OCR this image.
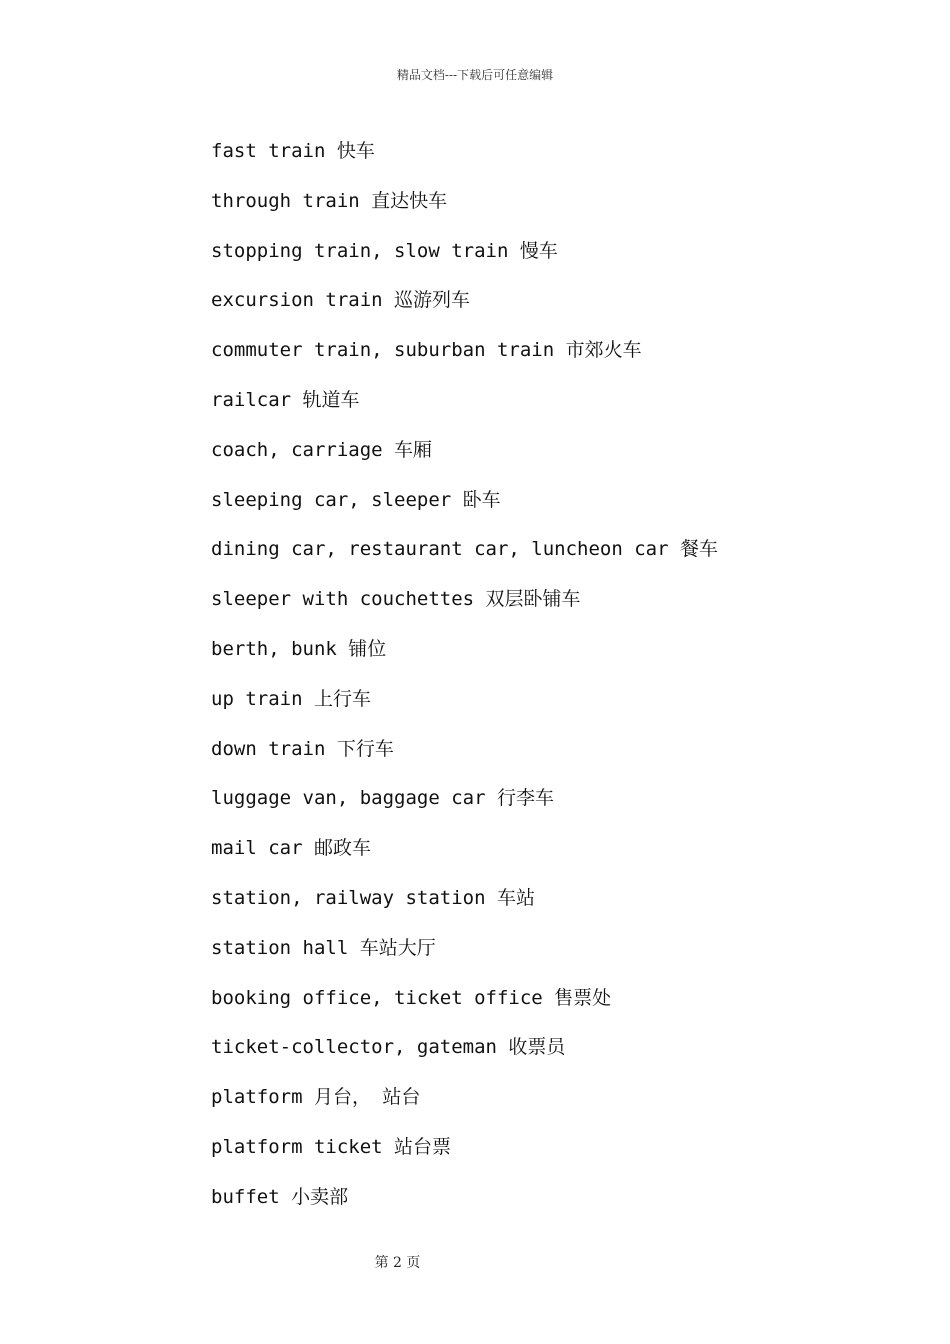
精品文档---下载后可任意编辑
fast train 快车
through train 直达快车
stopping train, slow train 慢车
excursion train 巡游列车
commuter train, suburban train 市郊火车
railcar 轨道车
coach, carriage 车厢
sleeping car, sleeper 卧车
dining car, restaurant car, luncheon car 餐车
sleeper with couchettes 双层卧铺车
berth, bunk 铺位
up train 上行车
down train 下行车
luggage van, baggage car 行李车
mail car 邮政车
station, railway station 车站
station hall 车站大厅
booking office, ticket office 售票处
ticket-collector, gateman 收票员
platform 月台， 站台
platform ticket 站台票
buffet 小卖部
第 2 页
